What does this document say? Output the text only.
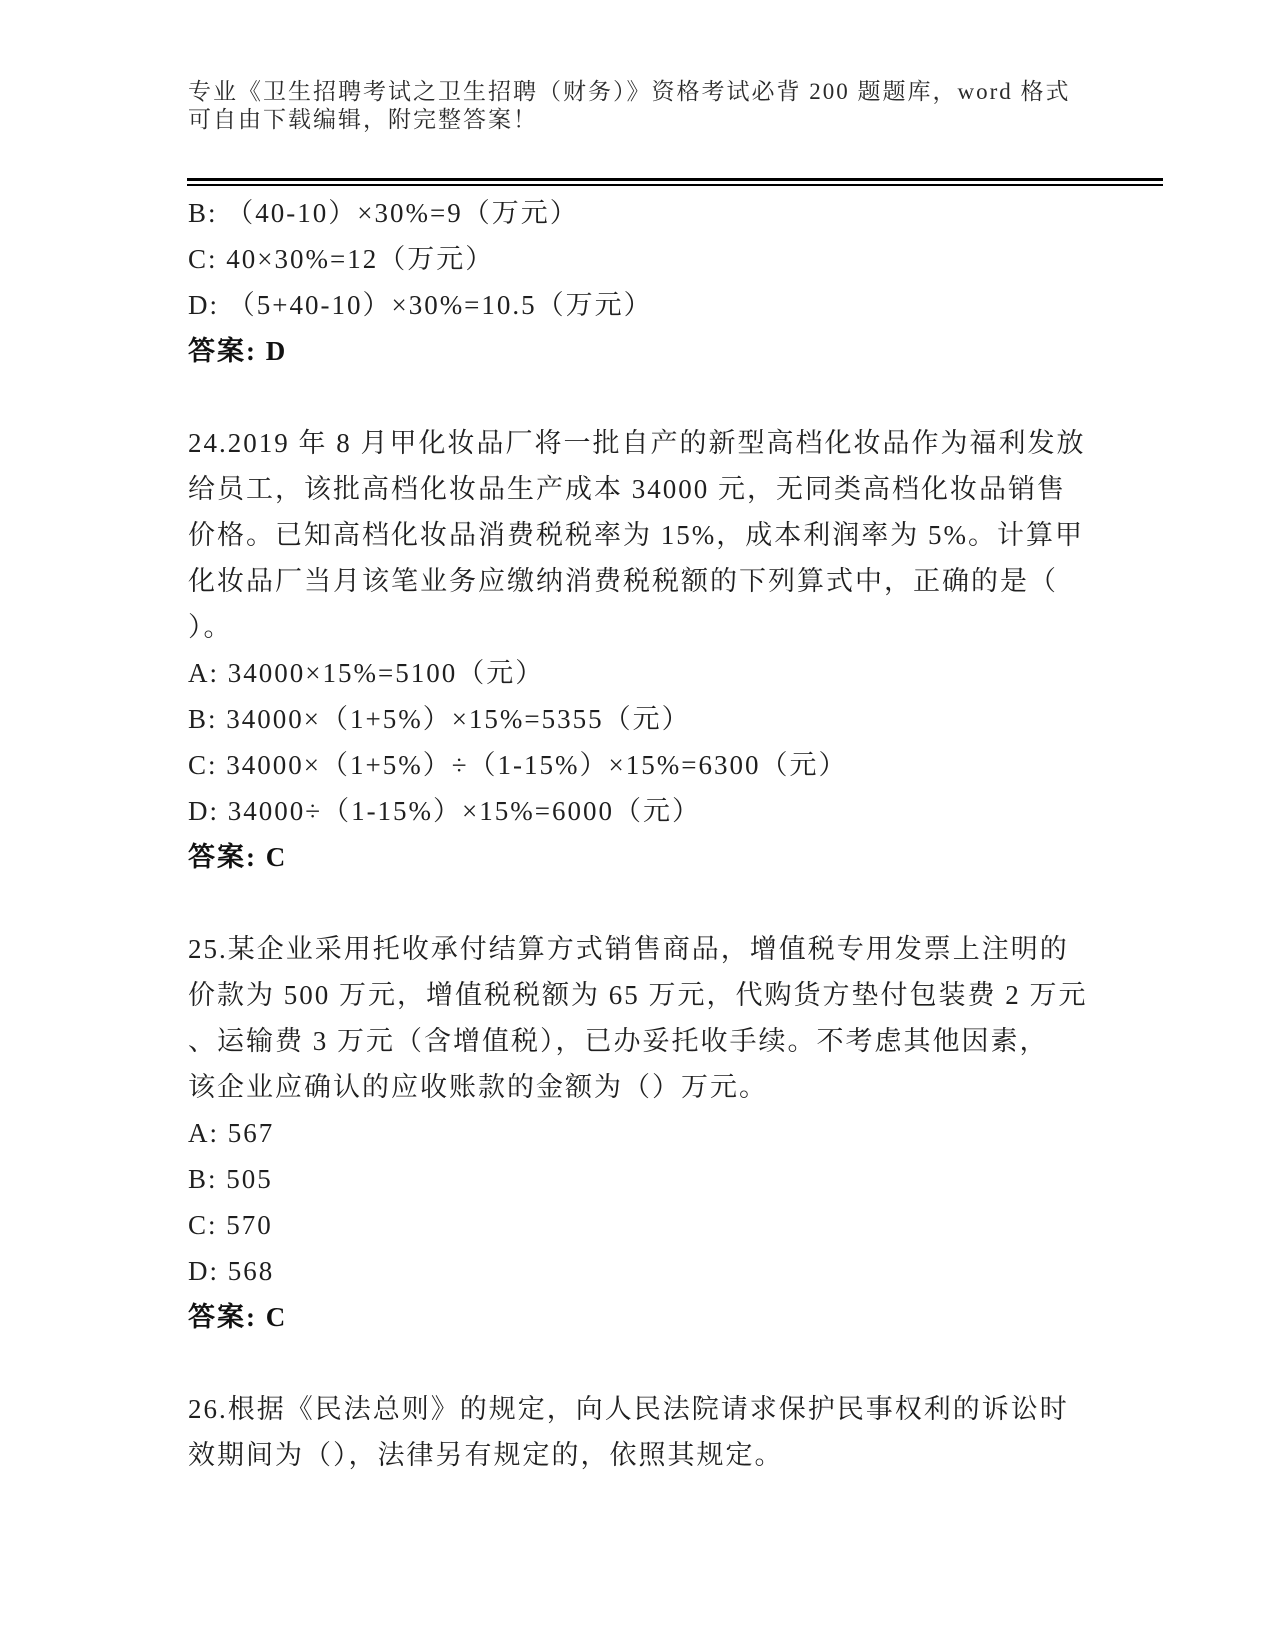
专业《卫生招聘考试之卫生招聘（财务）》资格考试必背 200 题题库，word 格式
可自由下载编辑，附完整答案！
B: （40-10）×30%=9（万元）
C: 40×30%=12（万元）
D: （5+40-10）×30%=10.5（万元）
答案: D
24.2019 年 8 月甲化妆品厂将一批自产的新型高档化妆品作为福利发放
给员工，该批高档化妆品生产成本 34000 元，无同类高档化妆品销售
价格。已知高档化妆品消费税税率为 15%，成本利润率为 5%。计算甲
化妆品厂当月该笔业务应缴纳消费税税额的下列算式中，正确的是（
）。
A: 34000×15%=5100（元）
B: 34000×（1+5%）×15%=5355（元）
C: 34000×（1+5%）÷（1-15%）×15%=6300（元）
D: 34000÷（1-15%）×15%=6000（元）
答案: C
25.某企业采用托收承付结算方式销售商品，增值税专用发票上注明的
价款为 500 万元，增值税税额为 65 万元，代购货方垫付包装费 2 万元
、运输费 3 万元（含增值税），已办妥托收手续。不考虑其他因素，
该企业应确认的应收账款的金额为（）万元。
A: 567
B: 505
C: 570
D: 568
答案: C
26.根据《民法总则》的规定，向人民法院请求保护民事权利的诉讼时
效期间为（），法律另有规定的，依照其规定。
